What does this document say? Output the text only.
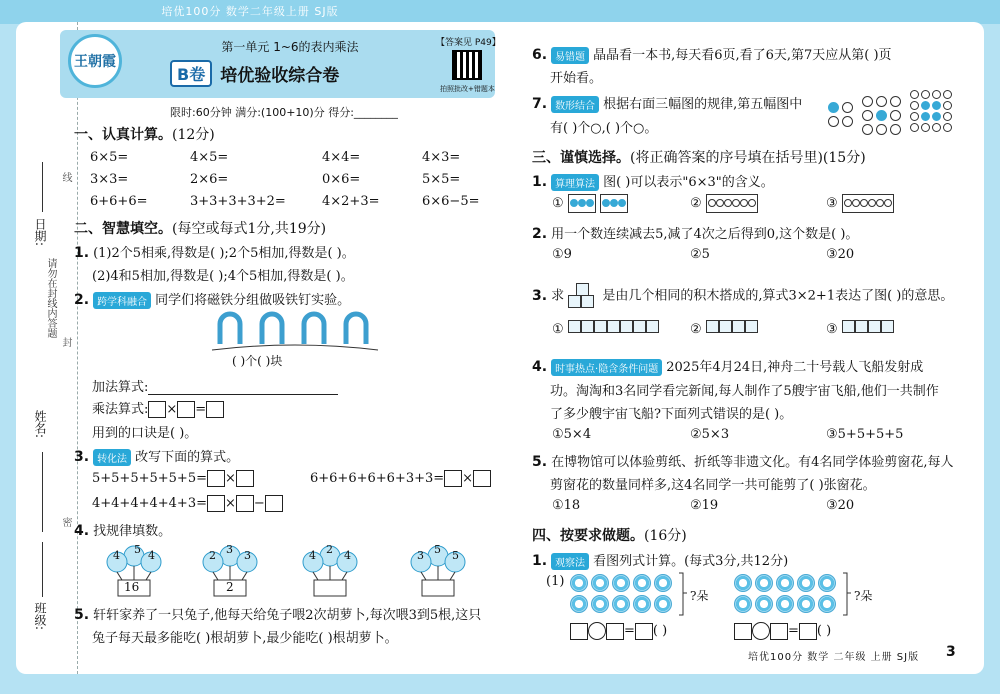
培优100分 数学二年级上册 SJ版
日期:
请勿在封线内答题
姓名:
班级:
线
封
密
王朝霞
第一单元 1~6的表内乘法
B卷 培优验收综合卷
【答案见 P49】
拍照批改+错题本
限时:60分钟 满分:(100+10)分 得分:________
一、认真计算。(12分)
6×5=	4×5=	4×4=	4×3=
3×3=	2×6=	0×6=	5×5=
6+6+6=	3+3+3+3+2=	4×2+3=	6×6−5=
二、智慧填空。(每空或每式1分,共19分)
1. (1)2个5相乘,得数是( );2个5相加,得数是( )。
(2)4和5相加,得数是( );4个5相加,得数是( )。
2. 跨学科融合 同学们将磁铁分组做吸铁钉实验。
( )个( )块
加法算式:
乘法算式: × =
用到的口诀是( )。
3. 转化法 改写下面的算式。
5+5+5+5+5+5= ×	6+6+6+6+6+3+3= ×
4+4+4+4+4+3= × −
4. 找规律填数。
5
4	4
16
3
2	3
2
2
4	4	5
3	5
5. 轩轩家养了一只兔子,他每天给兔子喂2次胡萝卜,每次喂3到5根,这只
兔子每天最多能吃( )根胡萝卜,最少能吃( )根胡萝卜。
6. 易错题 晶晶看一本书,每天看6页,看了6天,第7天应从第( )页
开始看。
7. 数形结合 根据右面三幅图的规律,第五幅图中
有( )个○,( )个○。
三、谨慎选择。(将正确答案的序号填在括号里)(15分)
1. 算理算法 图( )可以表示"6×3"的含义。
①	②	③
2. 用一个数连续减去5,减了4次之后得到0,这个数是( )。
①9	②5	③20
3. 求	是由几个相同的积木搭成的,算式3×2+1表达了图( )的意思。
①	②	③
4. 时事热点·隐含条件问题 2025年4月24日,神舟二十号载人飞船发射成
功。淘淘和3名同学看完新闻,每人制作了5艘宇宙飞船,他们一共制作
了多少艘宇宙飞船?下面列式错误的是( )。
①5×4	②5×3	③5+5+5+5
5. 在博物馆可以体验剪纸、折纸等非遗文化。有4名同学体验剪窗花,每人
剪窗花的数量同样多,这4名同学一共可能剪了( )张窗花。
①18	②19	③20
四、按要求做题。(16分)
1. 观察法 看图列式计算。(每式3分,共12分)
(1)
?朵	?朵
= ( )	= ( )
培优100分 数学 二年级 上册 SJ版 3
